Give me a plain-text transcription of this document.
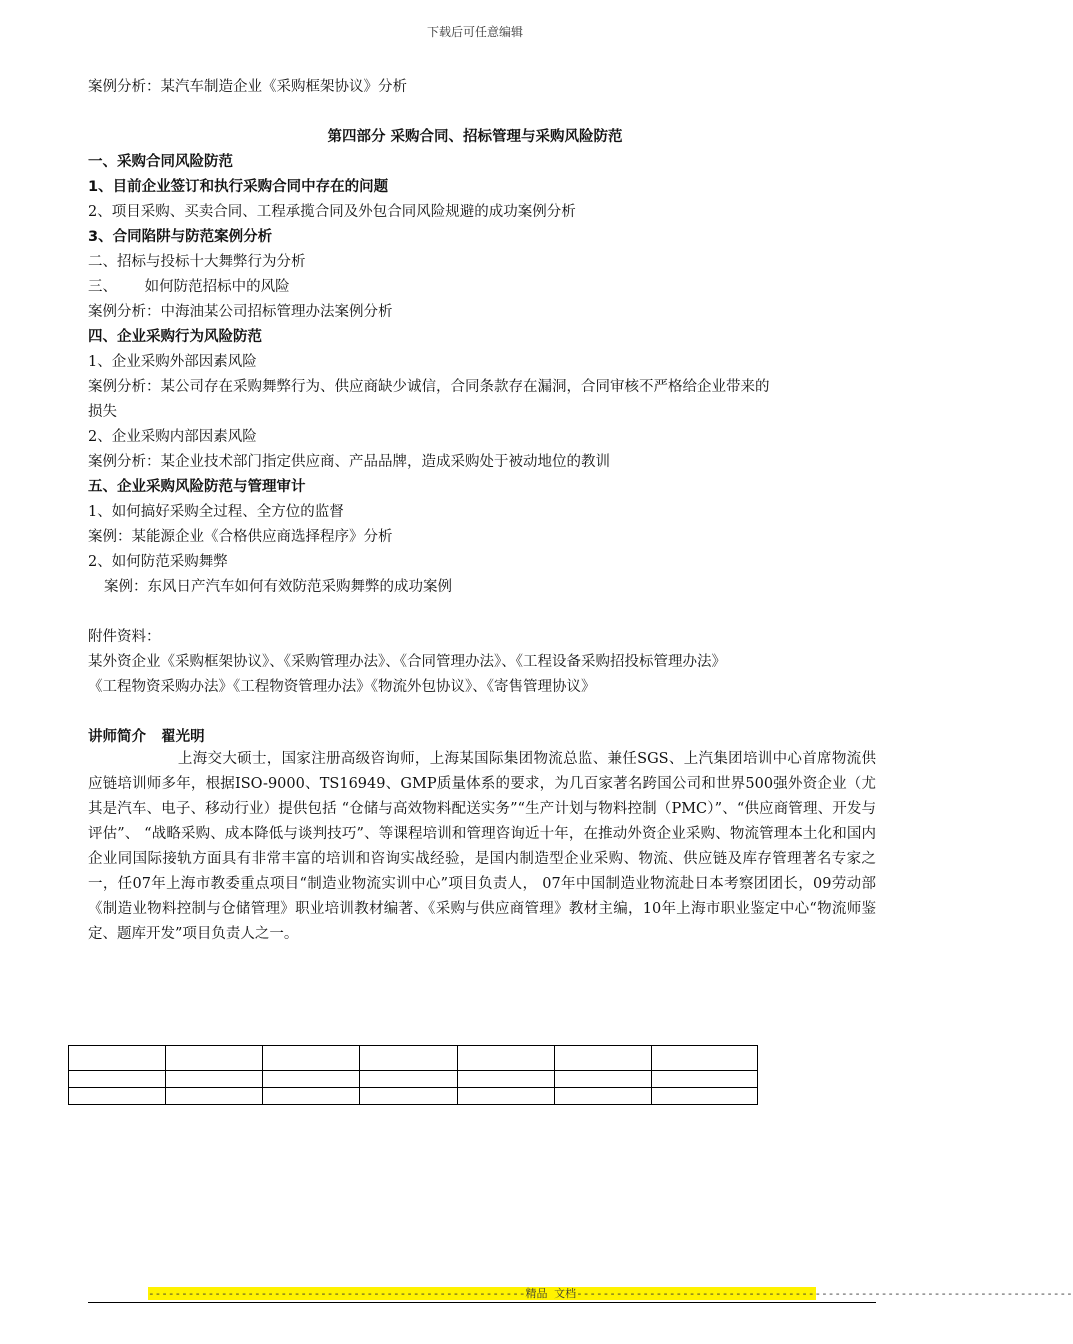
下载后可任意编辑
案例分析：某汽车制造企业《采购框架协议》分析
第四部分 采购合同、招标管理与采购风险防范
一、采购合同风险防范
1、目前企业签订和执行采购合同中存在的问题
2、项目采购、买卖合同、工程承揽合同及外包合同风险规避的成功案例分析
3、合同陷阱与防范案例分析
二、招标与投标十大舞弊行为分析
三、      如何防范招标中的风险
案例分析：中海油某公司招标管理办法案例分析
四、企业采购行为风险防范
1、企业采购外部因素风险
案例分析：某公司存在采购舞弊行为、供应商缺少诚信，合同条款存在漏洞，合同审核不严格给企业带来的
损失
2、企业采购内部因素风险
案例分析：某企业技术部门指定供应商、产品品牌，造成采购处于被动地位的教训
五、企业采购风险防范与管理审计
1、如何搞好采购全过程、全方位的监督
案例：某能源企业《合格供应商选择程序》分析
2、如何防范采购舞弊
案例：东风日产汽车如何有效防范采购舞弊的成功案例
附件资料：
某外资企业《采购框架协议》、《采购管理办法》、《合同管理办法》、《工程设备采购招投标管理办法》
《工程物资采购办法》《工程物资管理办法》《物流外包协议》、《寄售管理协议》
讲师简介   翟光明
上海交大硕士，国家注册高级咨询师，上海某国际集团物流总监、兼任SGS、上汽集团培训中心首席物流供应链培训师多年，根据ISO-9000、TS16949、GMP质量体系的要求，为几百家著名跨国公司和世界500强外资企业（尤其是汽车、电子、移动行业）提供包括 “仓储与高效物料配送实务”“生产计划与物料控制（PMC）”、“供应商管理、开发与评估”、 “战略采购、成本降低与谈判技巧”、等课程培训和管理咨询近十年，在推动外资企业采购、物流管理本土化和国内企业同国际接轨方面具有非常丰富的培训和咨询实战经验，是国内制造型企业采购、物流、供应链及库存管理著名专家之一，任07年上海市教委重点项目“制造业物流实训中心”项目负责人， 07年中国制造业物流赴日本考察团团长，09劳动部《制造业物料控制与仓储管理》职业培训教材编著、《采购与供应商管理》教材主编，10年上海市职业鉴定中心“物流师鉴定、题库开发”项目负责人之一。

---------------------------------------------------------精品 文档---------------------------------------------------------------------------
